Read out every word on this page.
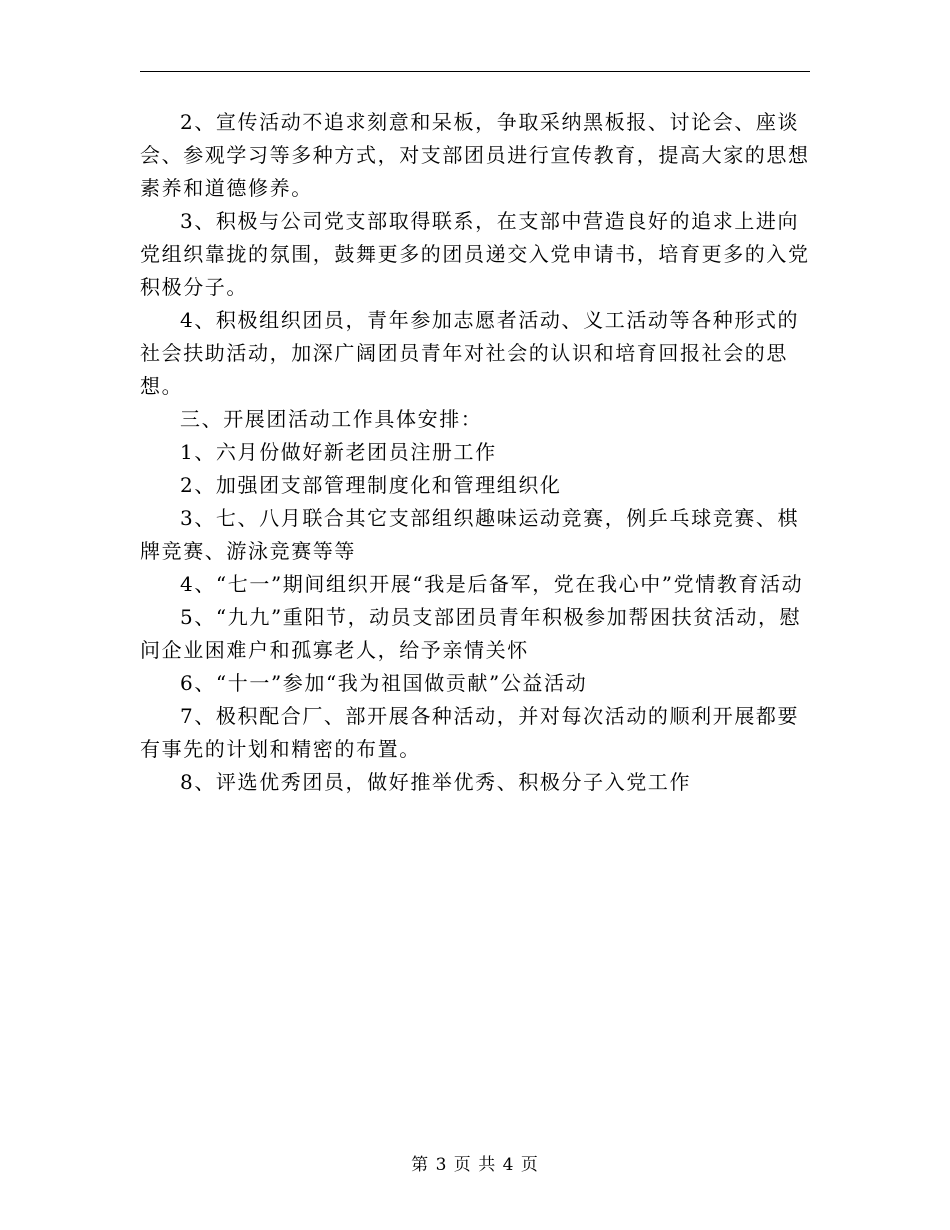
2、宣传活动不追求刻意和呆板，争取采纳黑板报、讨论会、座谈会、参观学习等多种方式，对支部团员进行宣传教育，提高大家的思想素养和道德修养。

3、积极与公司党支部取得联系，在支部中营造良好的追求上进向党组织靠拢的氛围，鼓舞更多的团员递交入党申请书，培育更多的入党积极分子。

4、积极组织团员，青年参加志愿者活动、义工活动等各种形式的社会扶助活动，加深广阔团员青年对社会的认识和培育回报社会的思想。

三、开展团活动工作具体安排：

1、六月份做好新老团员注册工作

2、加强团支部管理制度化和管理组织化

3、七、八月联合其它支部组织趣味运动竞赛，例乒乓球竞赛、棋牌竞赛、游泳竞赛等等

4、“七一”期间组织开展“我是后备军，党在我心中”党情教育活动

5、“九九”重阳节，动员支部团员青年积极参加帮困扶贫活动，慰问企业困难户和孤寡老人，给予亲情关怀

6、“十一”参加“我为祖国做贡献”公益活动

7、极积配合厂、部开展各种活动，并对每次活动的顺利开展都要有事先的计划和精密的布置。

8、评选优秀团员，做好推举优秀、积极分子入党工作

第 3 页 共 4 页
